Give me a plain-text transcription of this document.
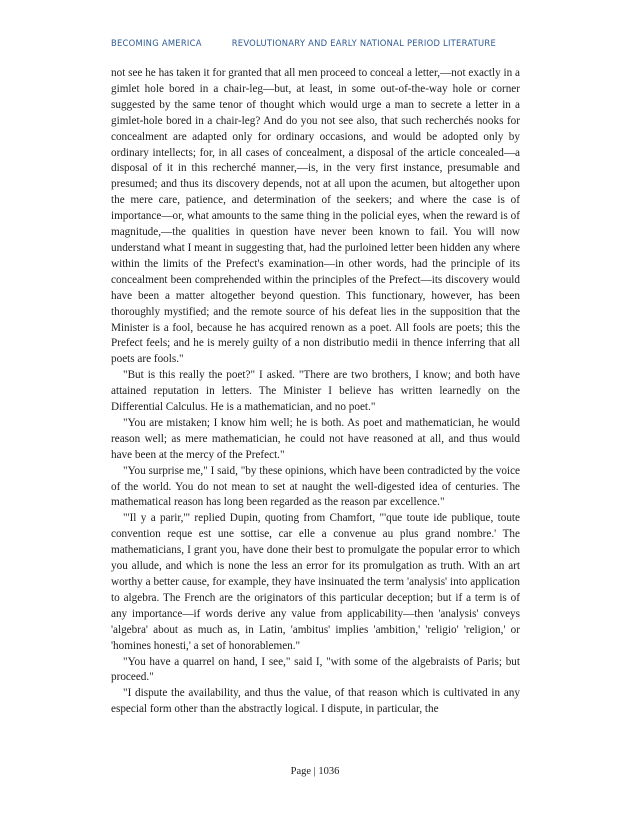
BECOMING AMERICA	REVOLUTIONARY AND EARLY NATIONAL PERIOD LITERATURE

not see he has taken it for granted that all men proceed to conceal a letter,—not exactly in a gimlet hole bored in a chair-leg—but, at least, in some out-of-the-way hole or corner suggested by the same tenor of thought which would urge a man to secrete a letter in a gimlet-hole bored in a chair-leg? And do you not see also, that such recherchés nooks for concealment are adapted only for ordinary occasions, and would be adopted only by ordinary intellects; for, in all cases of concealment, a disposal of the article concealed—a disposal of it in this recherché manner,—is, in the very first instance, presumable and presumed; and thus its discovery depends, not at all upon the acumen, but altogether upon the mere care, patience, and determination of the seekers; and where the case is of importance—or, what amounts to the same thing in the policial eyes, when the reward is of magnitude,—the qualities in question have never been known to fail. You will now understand what I meant in suggesting that, had the purloined letter been hidden any where within the limits of the Prefect's examination—in other words, had the principle of its concealment been comprehended within the principles of the Prefect—its discovery would have been a matter altogether beyond question. This functionary, however, has been thoroughly mystified; and the remote source of his defeat lies in the supposition that the Minister is a fool, because he has acquired renown as a poet. All fools are poets; this the Prefect feels; and he is merely guilty of a non distributio medii in thence inferring that all poets are fools."

"But is this really the poet?" I asked. "There are two brothers, I know; and both have attained reputation in letters. The Minister I believe has written learnedly on the Differential Calculus. He is a mathematician, and no poet."

"You are mistaken; I know him well; he is both. As poet and mathematician, he would reason well; as mere mathematician, he could not have reasoned at all, and thus would have been at the mercy of the Prefect."

"You surprise me," I said, "by these opinions, which have been contradicted by the voice of the world. You do not mean to set at naught the well-digested idea of centuries. The mathematical reason has long been regarded as the reason par excellence."

"'Il y a parir,'" replied Dupin, quoting from Chamfort, "'que toute ide publique, toute convention reque est une sottise, car elle a convenue au plus grand nombre.' The mathematicians, I grant you, have done their best to promulgate the popular error to which you allude, and which is none the less an error for its promulgation as truth. With an art worthy a better cause, for example, they have insinuated the term 'analysis' into application to algebra. The French are the originators of this particular deception; but if a term is of any importance—if words derive any value from applicability—then 'analysis' conveys 'algebra' about as much as, in Latin, 'ambitus' implies 'ambition,' 'religio' 'religion,' or 'homines honesti,' a set of honorablemen."

"You have a quarrel on hand, I see," said I, "with some of the algebraists of Paris; but proceed."

"I dispute the availability, and thus the value, of that reason which is cultivated in any especial form other than the abstractly logical. I dispute, in particular, the

Page | 1036
